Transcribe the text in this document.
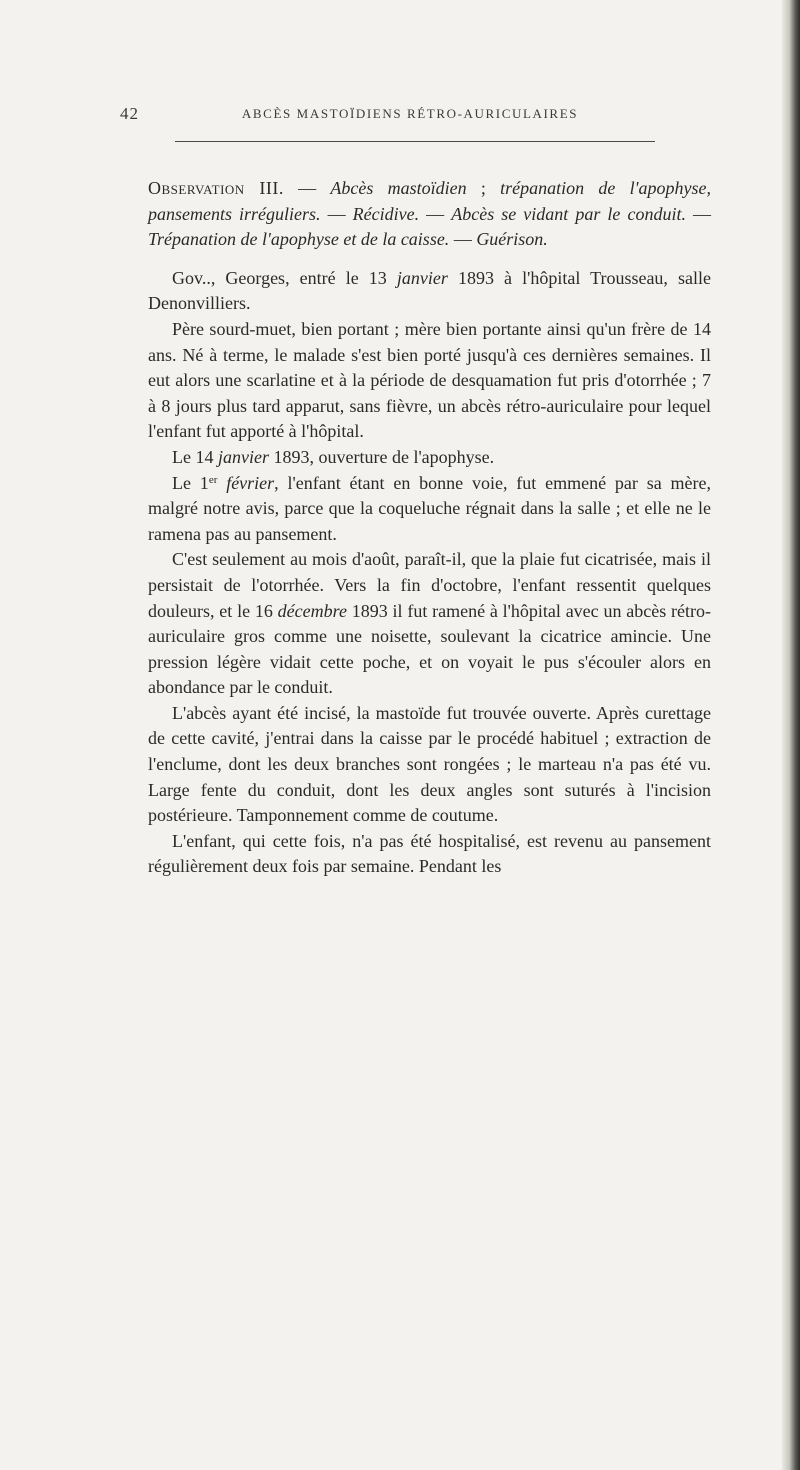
42	ABCÈS MASTOÏDIENS RÉTRO-AURICULAIRES

Observation III. — Abcès mastoïdien ; trépanation de l'apophyse, pansements irréguliers. — Récidive. — Abcès se vidant par le conduit. — Trépanation de l'apophyse et de la caisse. — Guérison.

Gov.., Georges, entré le 13 janvier 1893 à l'hôpital Trousseau, salle Denonvilliers.

Père sourd-muet, bien portant ; mère bien portante ainsi qu'un frère de 14 ans. Né à terme, le malade s'est bien porté jusqu'à ces dernières semaines. Il eut alors une scarlatine et à la période de desquamation fut pris d'otorrhée ; 7 à 8 jours plus tard apparut, sans fièvre, un abcès rétro-auriculaire pour lequel l'enfant fut apporté à l'hôpital.

Le 14 janvier 1893, ouverture de l'apophyse.

Le 1er février, l'enfant étant en bonne voie, fut emmené par sa mère, malgré notre avis, parce que la coqueluche régnait dans la salle ; et elle ne le ramena pas au pansement.

C'est seulement au mois d'août, paraît-il, que la plaie fut cicatrisée, mais il persistait de l'otorrhée. Vers la fin d'octobre, l'enfant ressentit quelques douleurs, et le 16 décembre 1893 il fut ramené à l'hôpital avec un abcès rétro-auriculaire gros comme une noisette, soulevant la cicatrice amincie. Une pression légère vidait cette poche, et on voyait le pus s'écouler alors en abondance par le conduit.

L'abcès ayant été incisé, la mastoïde fut trouvée ouverte. Après curettage de cette cavité, j'entrai dans la caisse par le procédé habituel ; extraction de l'enclume, dont les deux branches sont rongées ; le marteau n'a pas été vu. Large fente du conduit, dont les deux angles sont suturés à l'incision postérieure. Tamponnement comme de coutume.

L'enfant, qui cette fois, n'a pas été hospitalisé, est revenu au pansement régulièrement deux fois par semaine. Pendant les
